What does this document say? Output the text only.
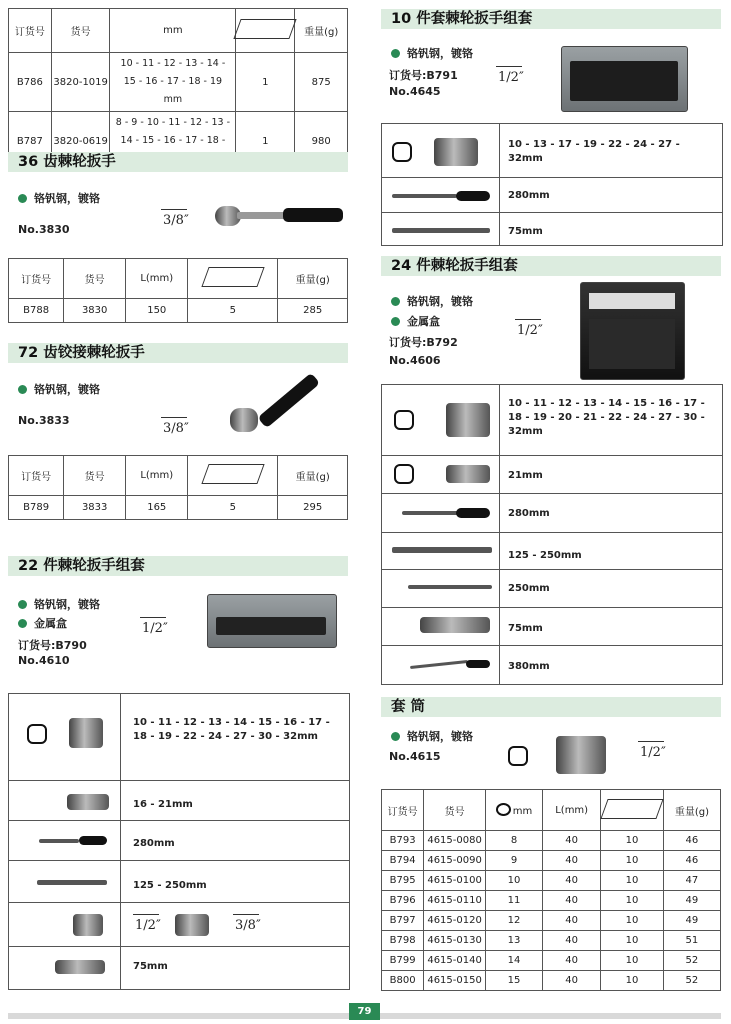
订货号	货号	mm		重量(g)
B786	3820-1019	10 - 11 - 12 - 13 - 14 - 15 - 16 - 17 - 18 - 19 mm	1	875
B787	3820-0619	8 - 9 - 10 - 11 - 12 - 13 - 14 - 15 - 16 - 17 - 18 -	1	980
36 齿棘轮扳手
铬钒钢，镀铬
No.3830
3/8″
订货号	货号	L(mm)		重量(g)
B788	3830	150	5	285
72 齿铰接棘轮扳手
铬钒钢，镀铬
No.3833
3/8″
订货号	货号	L(mm)		重量(g)
B789	3833	165	5	295
22 件棘轮扳手组套
铬钒钢，镀铬
金属盒
订货号:B790
No.4610
1/2″
10 - 11 - 12 - 13 - 14 - 15 - 16 - 17 - 18 - 19 - 22 - 24 - 27 - 30 - 32mm
16 - 21mm
280mm
125 - 250mm
1/2″	3/8″
75mm
10 件套棘轮扳手组套
铬钒钢，镀铬
订货号:B791
No.4645
1/2″
10 - 13 - 17 - 19 - 22 - 24 - 27 - 32mm
280mm
75mm
24 件棘轮扳手组套
铬钒钢，镀铬
金属盒
订货号:B792
No.4606
1/2″
10 - 11 - 12 - 13 - 14 - 15 - 16 - 17 - 18 - 19 - 20 - 21 - 22 - 24 - 27 - 30 - 32mm
21mm
280mm
125 - 250mm
250mm
75mm
380mm
套 筒
铬钒钢，镀铬
No.4615	1/2″
订货号	货号	mm	L(mm)		重量(g)
B793	4615-0080	8	40	10	46
B794	4615-0090	9	40	10	46
B795	4615-0100	10	40	10	47
B796	4615-0110	11	40	10	49
B797	4615-0120	12	40	10	49
B798	4615-0130	13	40	10	51
B799	4615-0140	14	40	10	52
B800	4615-0150	15	40	10	52
79
